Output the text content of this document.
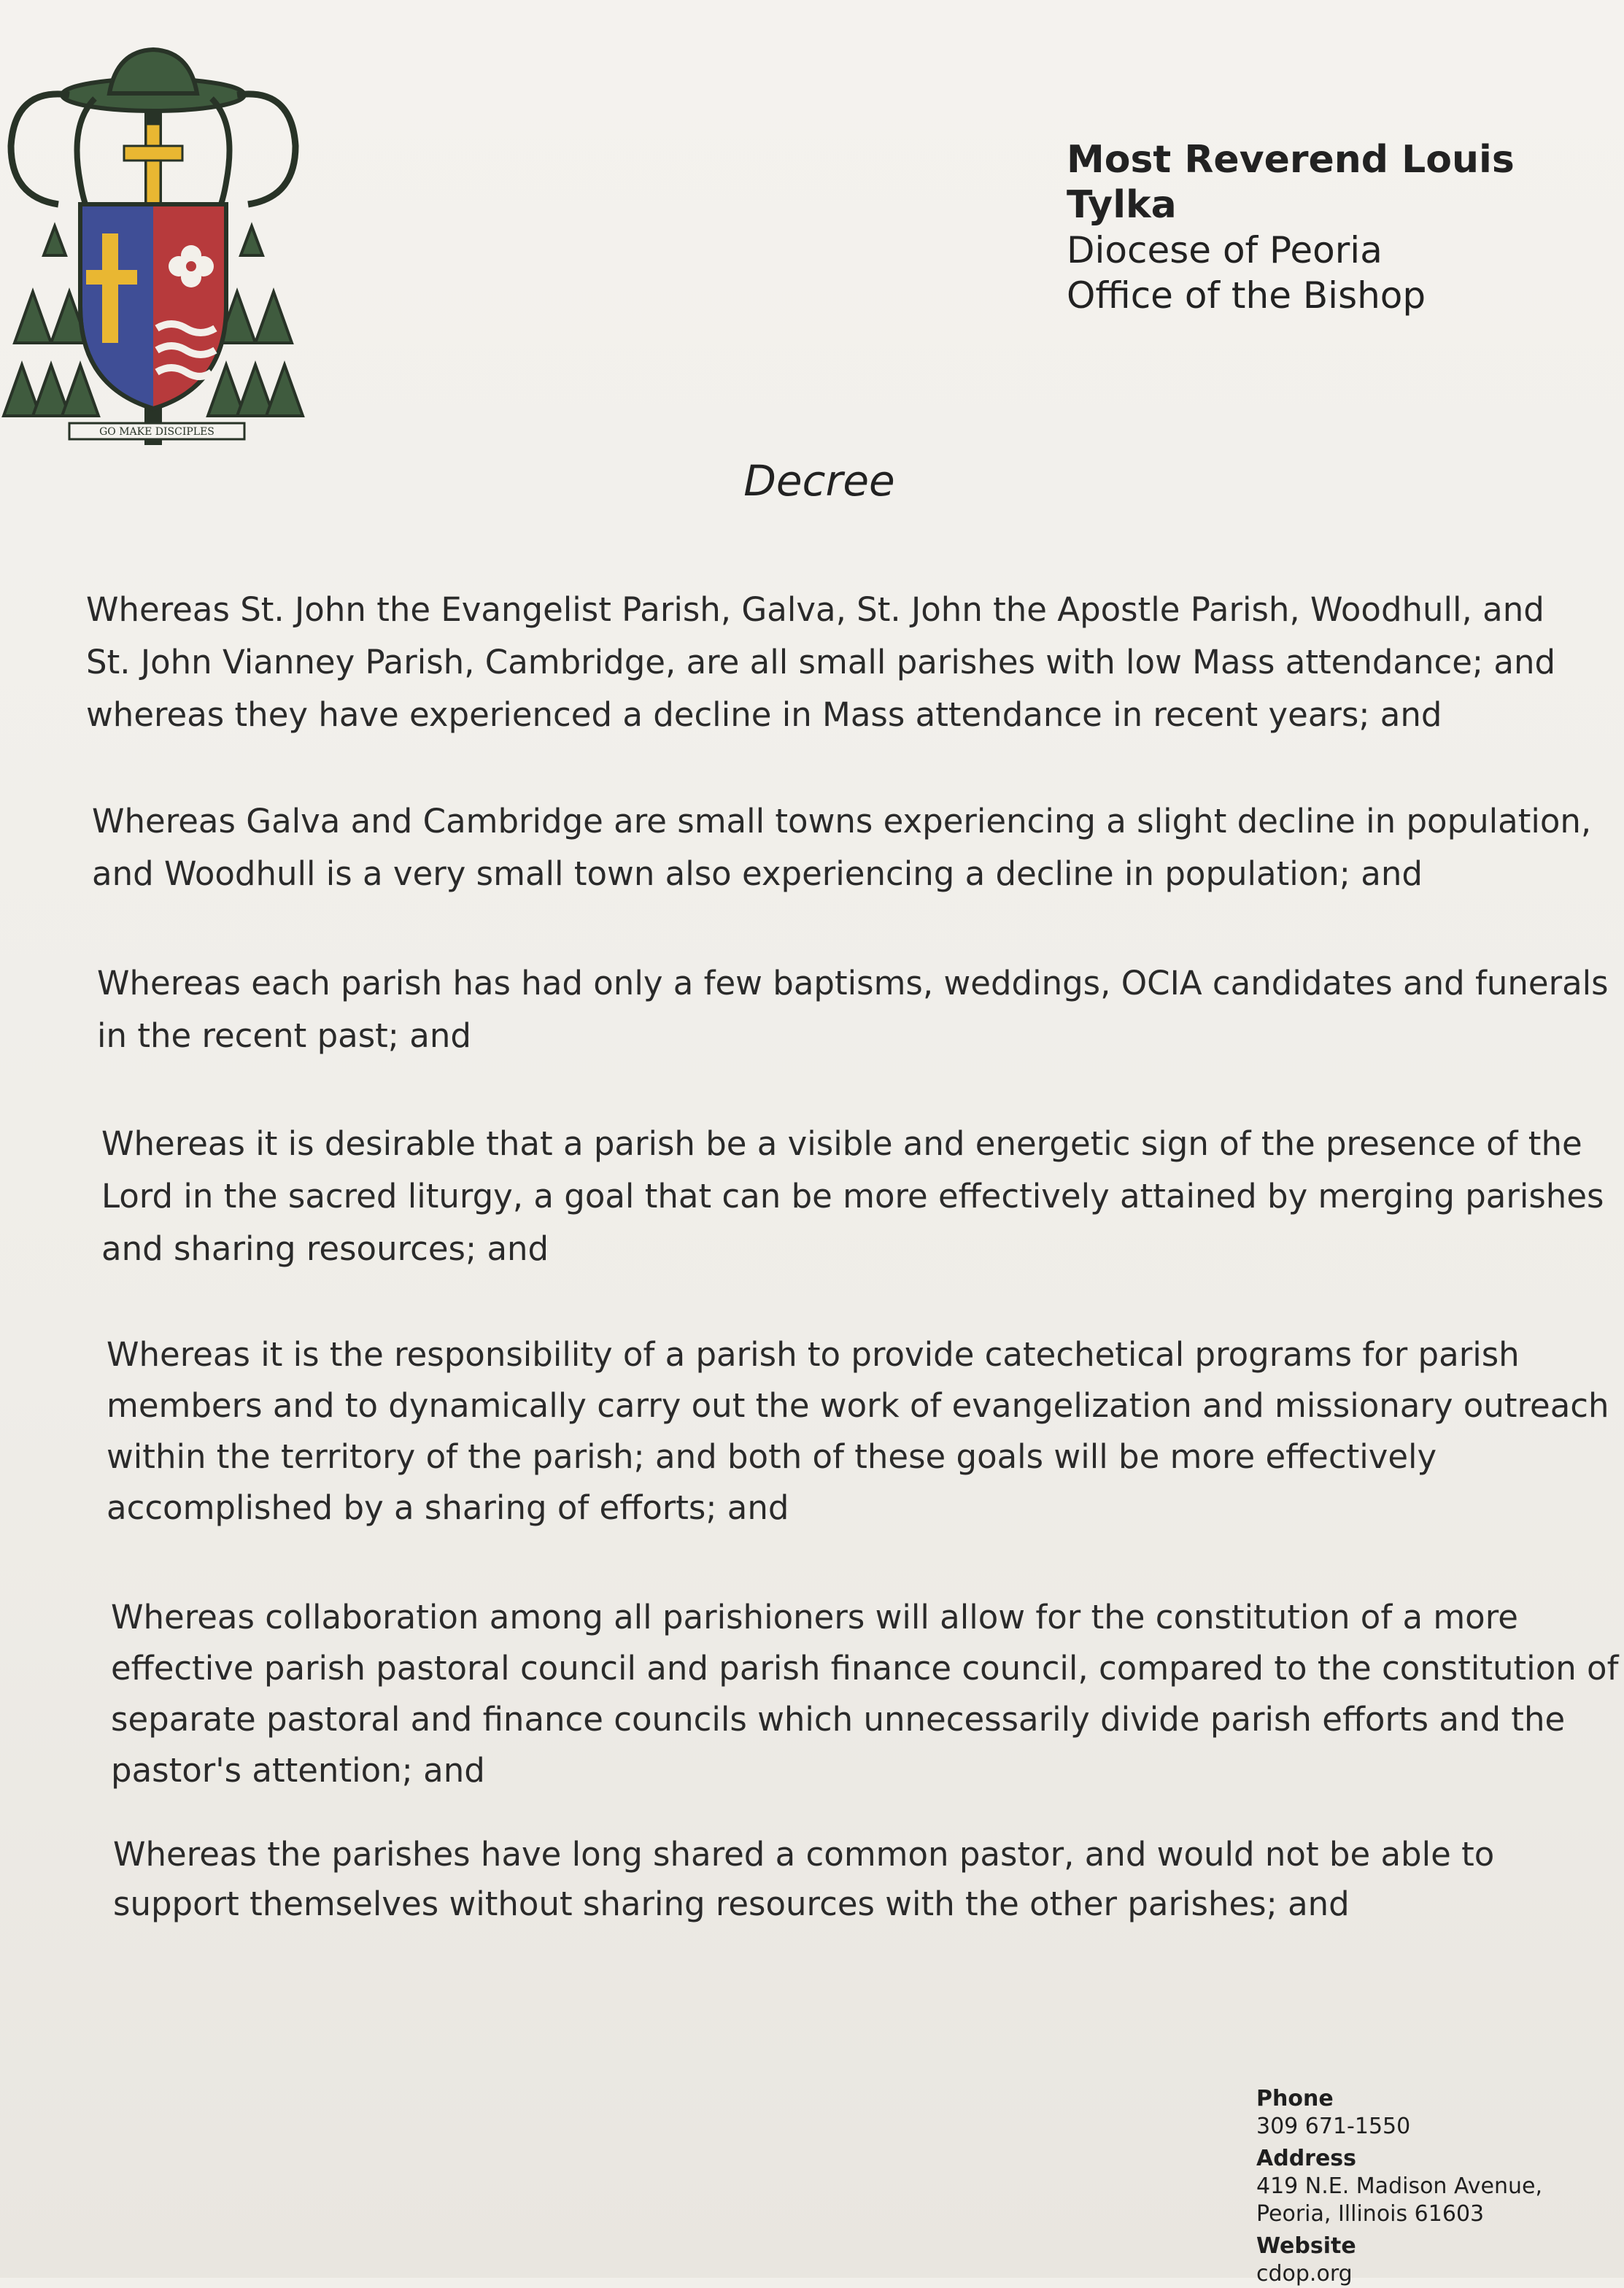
GO MAKE DISCIPLES
Most Reverend Louis Tylka
Diocese of Peoria
Office of the Bishop
Decree
Whereas St. John the Evangelist Parish, Galva, St. John the Apostle Parish, Woodhull, and
St. John Vianney Parish, Cambridge, are all small parishes with low Mass attendance; and
whereas they have experienced a decline in Mass attendance in recent years; and
Whereas Galva and Cambridge are small towns experiencing a slight decline in population,
and Woodhull is a very small town also experiencing a decline in population; and
Whereas each parish has had only a few baptisms, weddings, OCIA candidates and funerals
in the recent past; and
Whereas it is desirable that a parish be a visible and energetic sign of the presence of the
Lord in the sacred liturgy, a goal that can be more effectively attained by merging parishes
and sharing resources; and
Whereas it is the responsibility of a parish to provide catechetical programs for parish
members and to dynamically carry out the work of evangelization and missionary outreach
within the territory of the parish; and both of these goals will be more effectively
accomplished by a sharing of efforts; and
Whereas collaboration among all parishioners will allow for the constitution of a more
effective parish pastoral council and parish finance council, compared to the constitution of
separate pastoral and finance councils which unnecessarily divide parish efforts and the
pastor's attention; and
Whereas the parishes have long shared a common pastor, and would not be able to
support themselves without sharing resources with the other parishes; and
Phone
309 671-1550
Address
419 N.E. Madison Avenue,
Peoria, Illinois 61603
Website
cdop.org
